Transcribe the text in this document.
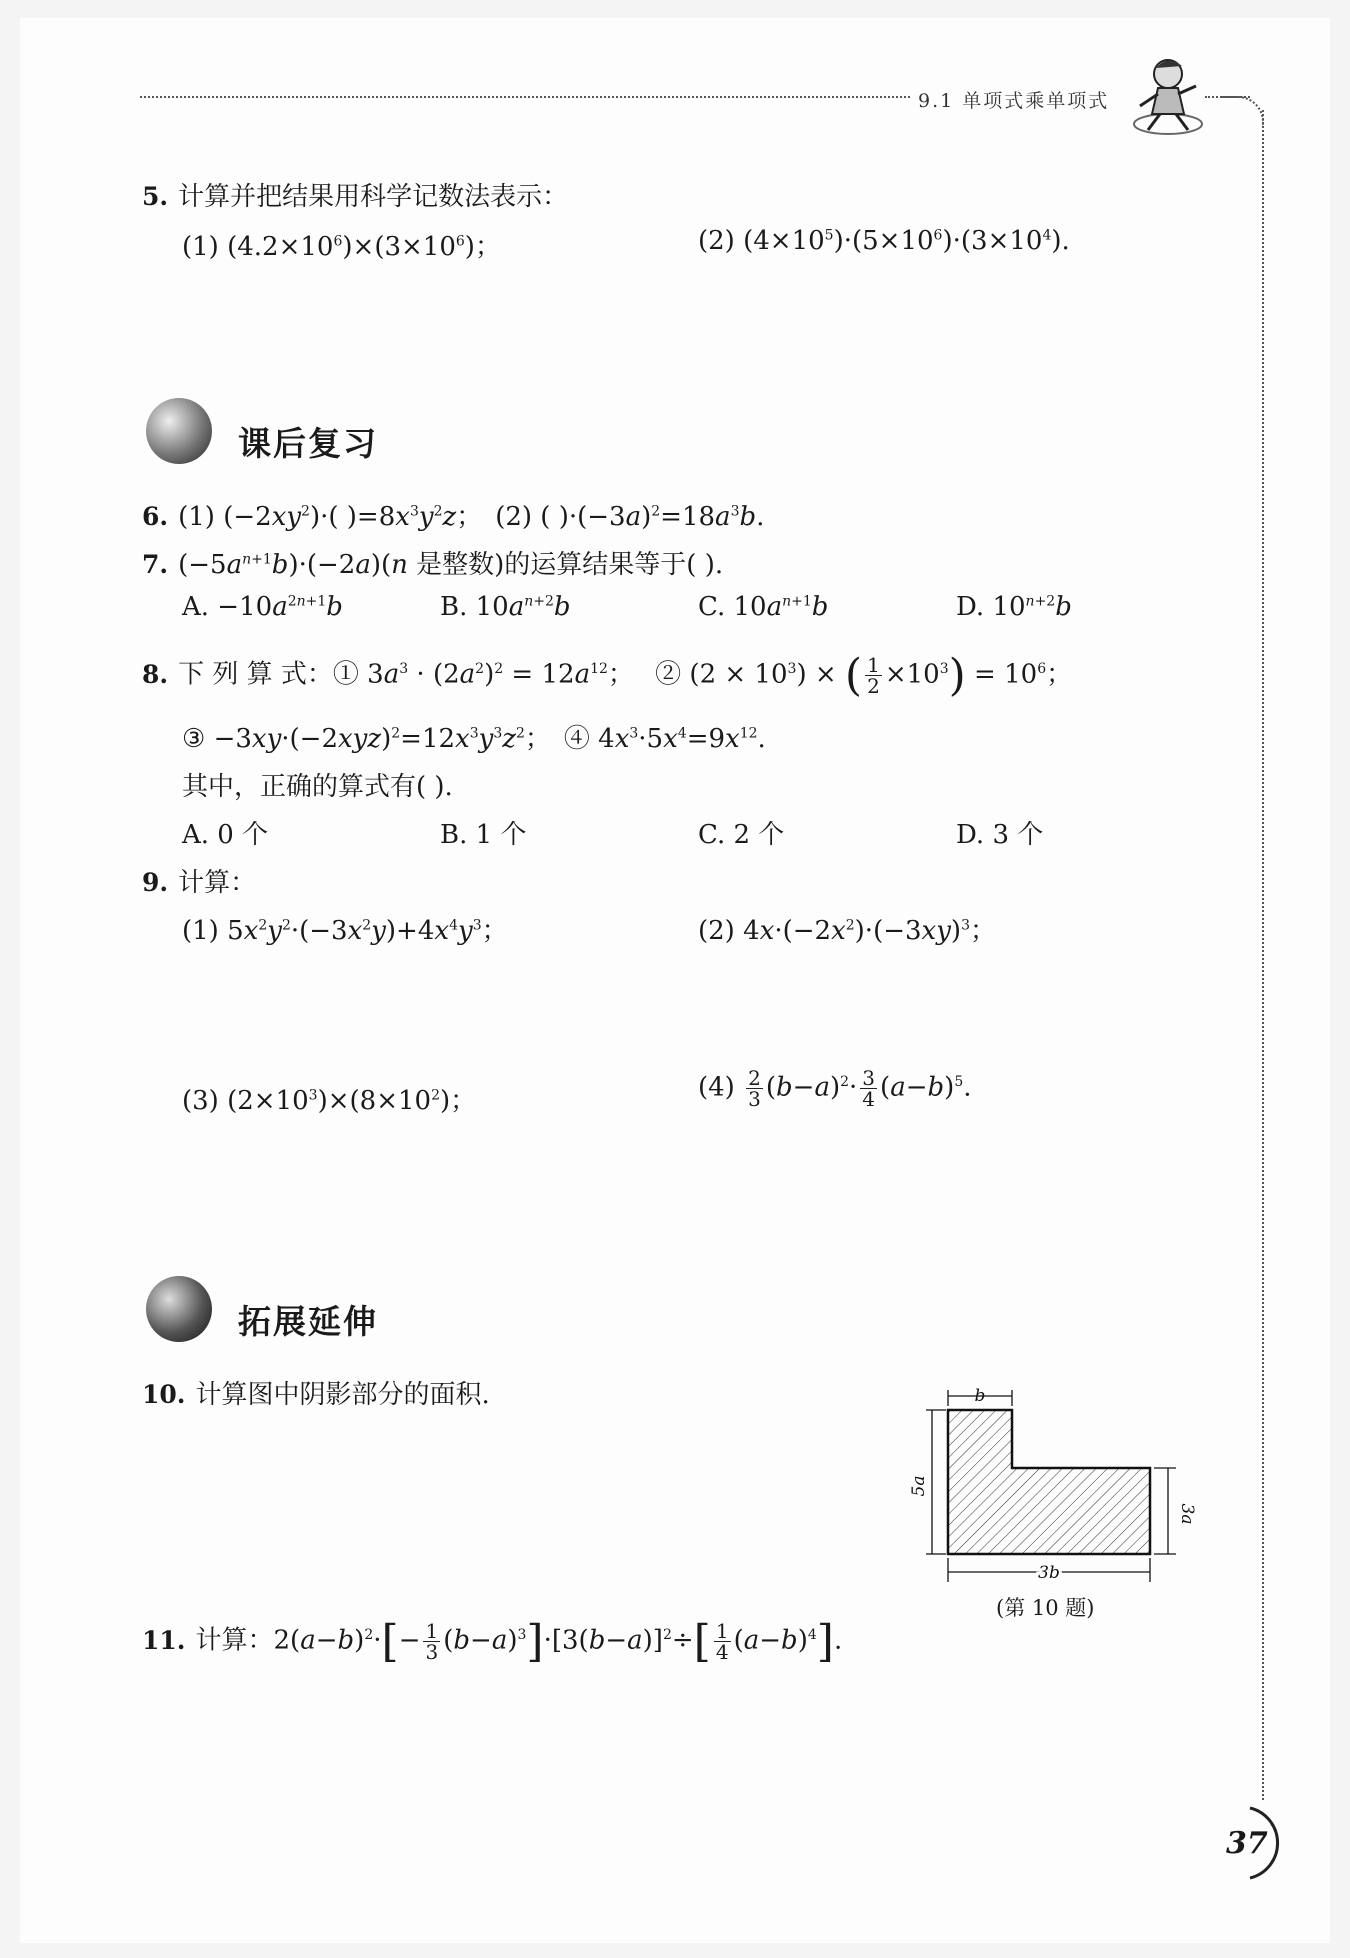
9.1 单项式乘单项式
5. 计算并把结果用科学记数法表示：
(1) $(4.2\times 10^6)\times(3\times 10^6)$；	(2) $(4\times 10^5)\cdot(5\times 10^6)\cdot(3\times 10^4)$.
课后复习
6. (1) $(-2xy^2)\cdot$( )$=8x^3y^2z$；　(2) ( )$\cdot(-3a)^2=18a^3b$.
7. $(-5a^{n+1}b)\cdot(-2a)(n$ 是整数)的运算结果等于( ).
A. $-10a^{2n+1}b$	B. $10a^{n+2}b$	C. $10a^{n+1}b$	D. $10^{n+2}b$
8. 下 列 算 式：① $3a^3 \cdot (2a^2)^2 = 12a^{12}$；　 ② $(2 \times 10^3)$ × ( $\frac{1}{2} \times 10^3) = 10^6$；
③ $-3xy\cdot(-2xyz)^2=12x^3y^3z^2$；　④ $4x^3\cdot 5x^4=9x^{12}$.
其中，正确的算式有( ).
A. 0 个	B. 1 个	C. 2 个	D. 3 个
9. 计算：
(1) $5x^2y^2\cdot(-3x^2y)+4x^4y^3$；	(2) $4x\cdot(-2x^2)\cdot(-3xy)^3$；
(3) $(2\times 10^3)\times(8\times 10^2)$；	$(4) \frac{2}{3} (b-a)^2\cdot \frac{3}{4} (a-b)^5$.
拓展延伸
10. 计算图中阴影部分的面积.	b
5a
3a
3b
(第 10 题)
11. 计算：$2(a-b)^2\cdot[- \frac{1}{3} (b-a)^3]\cdot[3(b-a)]^2\div[ \frac{1}{4} (a-b)^4]$.
37
